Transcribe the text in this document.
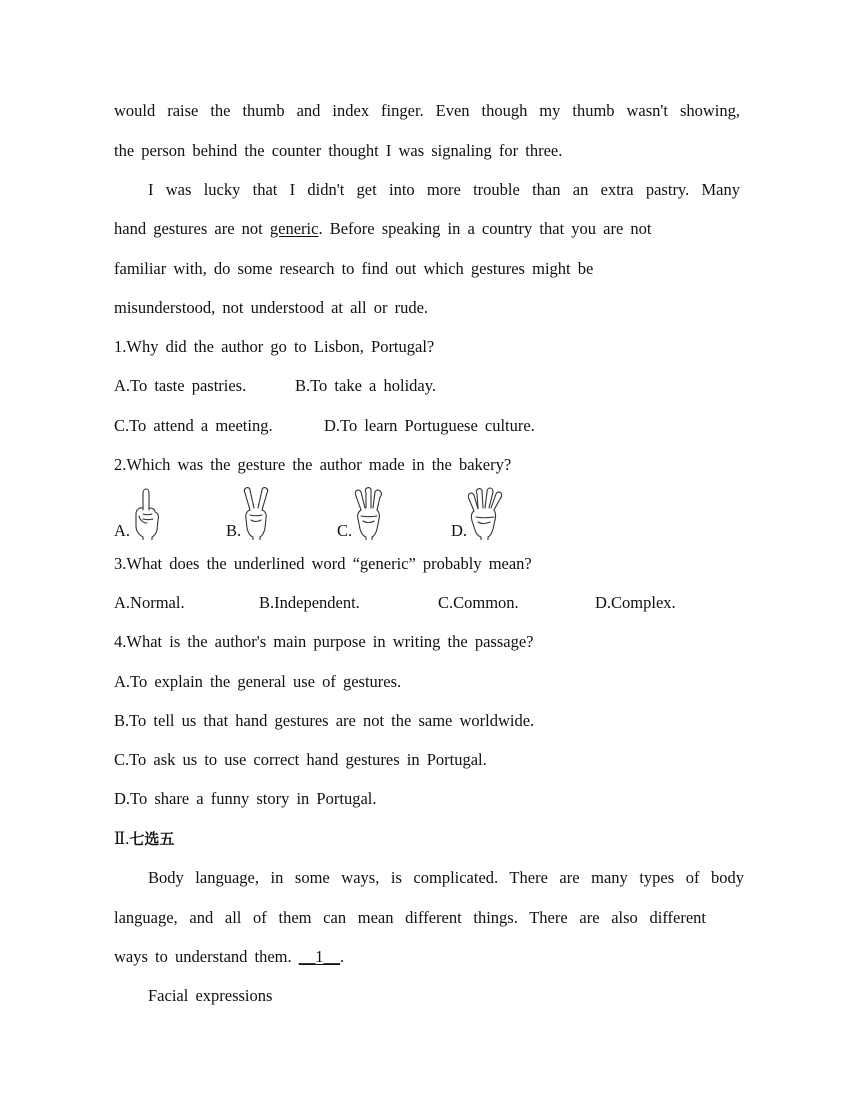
would raise the thumb and index finger. Even though my thumb wasn't showing,
the person behind the counter thought I was signaling for three.
I was lucky that I didn't get into more trouble than an extra pastry. Many
hand gestures are not generic. Before speaking in a country that you are not
familiar with, do some research to find out which gestures might be
misunderstood, not understood at all or rude.
1.Why did the author go to Lisbon, Portugal?
A.To taste pastries.	B.To take a holiday.
C.To attend a meeting.	D.To learn Portuguese culture.
2.Which was the gesture the author made in the bakery?
A.	B.	C.	D.
3.What does the underlined word “generic” probably mean?
A.Normal.	B.Independent.	C.Common.	D.Complex.
4.What is the author's main purpose in writing the passage?
A.To explain the general use of gestures.
B.To tell us that hand gestures are not the same worldwide.
C.To ask us to use correct hand gestures in Portugal.
D.To share a funny story in Portugal.
Ⅱ.七选五
Body language, in some ways, is complicated. There are many types of body
language, and all of them can mean different things. There are also different
ways to understand them. __1__.
Facial expressions
